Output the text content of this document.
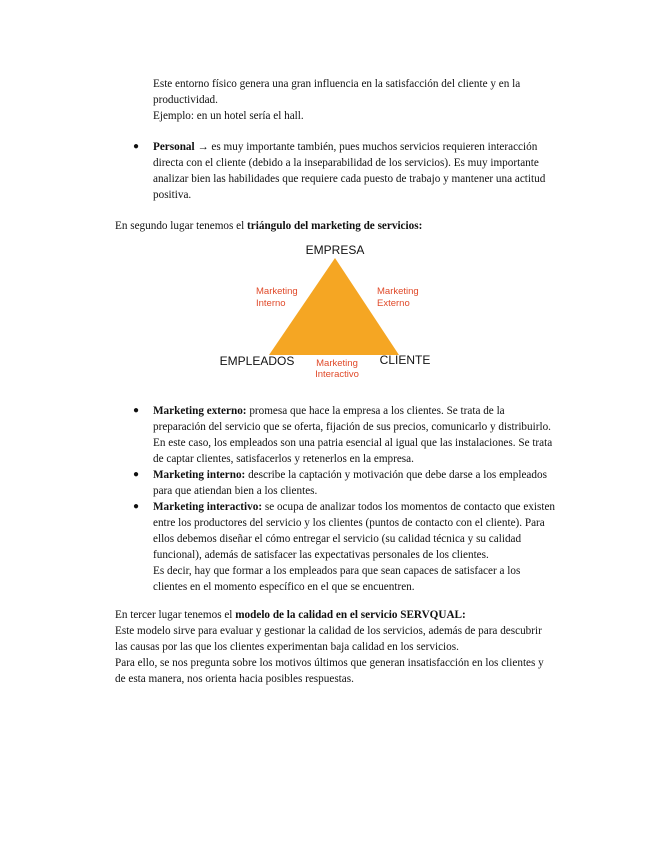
Este entorno físico genera una gran influencia en la satisfacción del cliente y en la
productividad.
Ejemplo: en un hotel sería el hall.
● Personal → es muy importante también, pues muchos servicios requieren interacción
directa con el cliente (debido a la inseparabilidad de los servicios). Es muy importante
analizar bien las habilidades que requiere cada puesto de trabajo y mantener una actitud
positiva.
En segundo lugar tenemos el triángulo del marketing de servicios:
EMPRESA
EMPLEADOS	CLIENTE
Marketing
Interno
Marketing
Externo
Marketing
Interactivo
● Marketing externo: promesa que hace la empresa a los clientes. Se trata de la
preparación del servicio que se oferta, fijación de sus precios, comunicarlo y distribuirlo.
En este caso, los empleados son una patria esencial al igual que las instalaciones. Se trata
de captar clientes, satisfacerlos y retenerlos en la empresa.
● Marketing interno: describe la captación y motivación que debe darse a los empleados
para que atiendan bien a los clientes.
● Marketing interactivo: se ocupa de analizar todos los momentos de contacto que existen
entre los productores del servicio y los clientes (puntos de contacto con el cliente). Para
ellos debemos diseñar el cómo entregar el servicio (su calidad técnica y su calidad
funcional), además de satisfacer las expectativas personales de los clientes.
Es decir, hay que formar a los empleados para que sean capaces de satisfacer a los
clientes en el momento específico en el que se encuentren.
En tercer lugar tenemos el modelo de la calidad en el servicio SERVQUAL:
Este modelo sirve para evaluar y gestionar la calidad de los servicios, además de para descubrir
las causas por las que los clientes experimentan baja calidad en los servicios.
Para ello, se nos pregunta sobre los motivos últimos que generan insatisfacción en los clientes y
de esta manera, nos orienta hacia posibles respuestas.
